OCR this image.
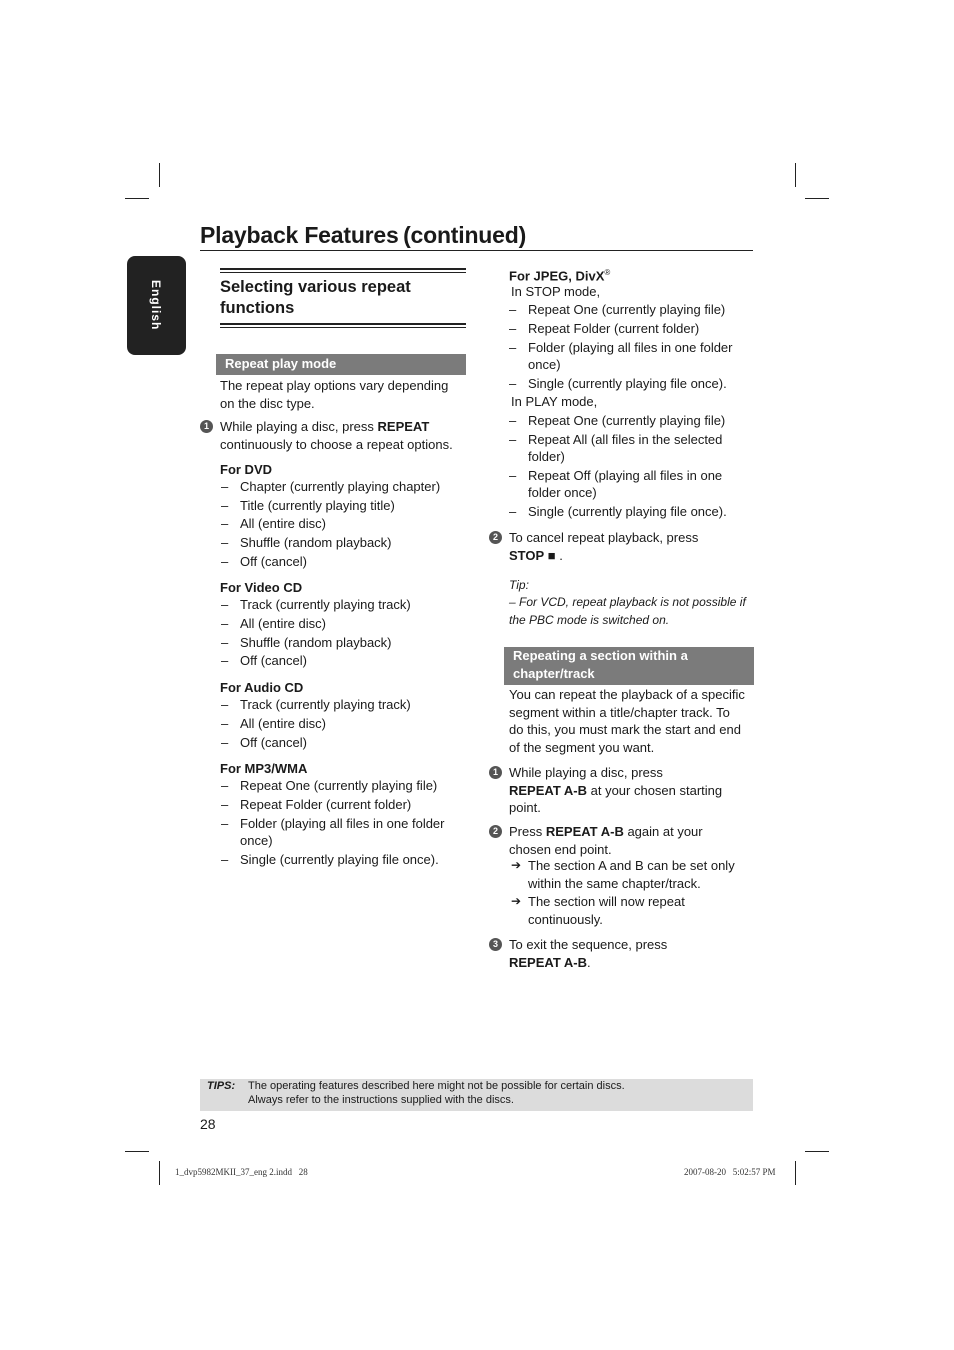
Playback Features (continued)
English	Selecting various repeat
functions
Repeat play mode
The repeat play options vary depending
on the disc type.
1 While playing a disc, press REPEAT
continuously to choose a repeat options.
For DVD
– Chapter (currently playing chapter)
– Title (currently playing title)
– All (entire disc)
– Shuffle (random playback)
– Off (cancel)
For Video CD
– Track (currently playing track)
– All (entire disc)
– Shuffle (random playback)
– Off (cancel)
For Audio CD
– Track (currently playing track)
– All (entire disc)
– Off (cancel)
For MP3/WMA
– Repeat One (currently playing file)
– Repeat Folder (current folder)
– Folder (playing all files in one folder
once)
– Single (currently playing file once).
For JPEG, DivX®
In STOP mode,
– Repeat One (currently playing file)
– Repeat Folder (current folder)
– Folder (playing all files in one folder
once)
– Single (currently playing file once).
In PLAY mode,
– Repeat One (currently playing file)
– Repeat All (all files in the selected
folder)
– Repeat Off (playing all files in one
folder once)
– Single (currently playing file once).
2 To cancel repeat playback, press
STOP ■ .
Tip:
– For VCD, repeat playback is not possible if
the PBC mode is switched on.
Repeating a section within a
chapter/track
You can repeat the playback of a specific
segment within a title/chapter track. To
do this, you must mark the start and end
of the segment you want.
1 While playing a disc, press
REPEAT A-B at your chosen starting
point.
2 Press REPEAT A-B again at your
chosen end point.
➔ The section A and B can be set only
within the same chapter/track.
➔ The section will now repeat
continuously.
3 To exit the sequence, press
REPEAT A-B.
TIPS: The operating features described here might not be possible for certain discs.
Always refer to the instructions supplied with the discs.
28
1_dvp5982MKII_37_eng 2.indd   28	2007-08-20   5:02:57 PM
